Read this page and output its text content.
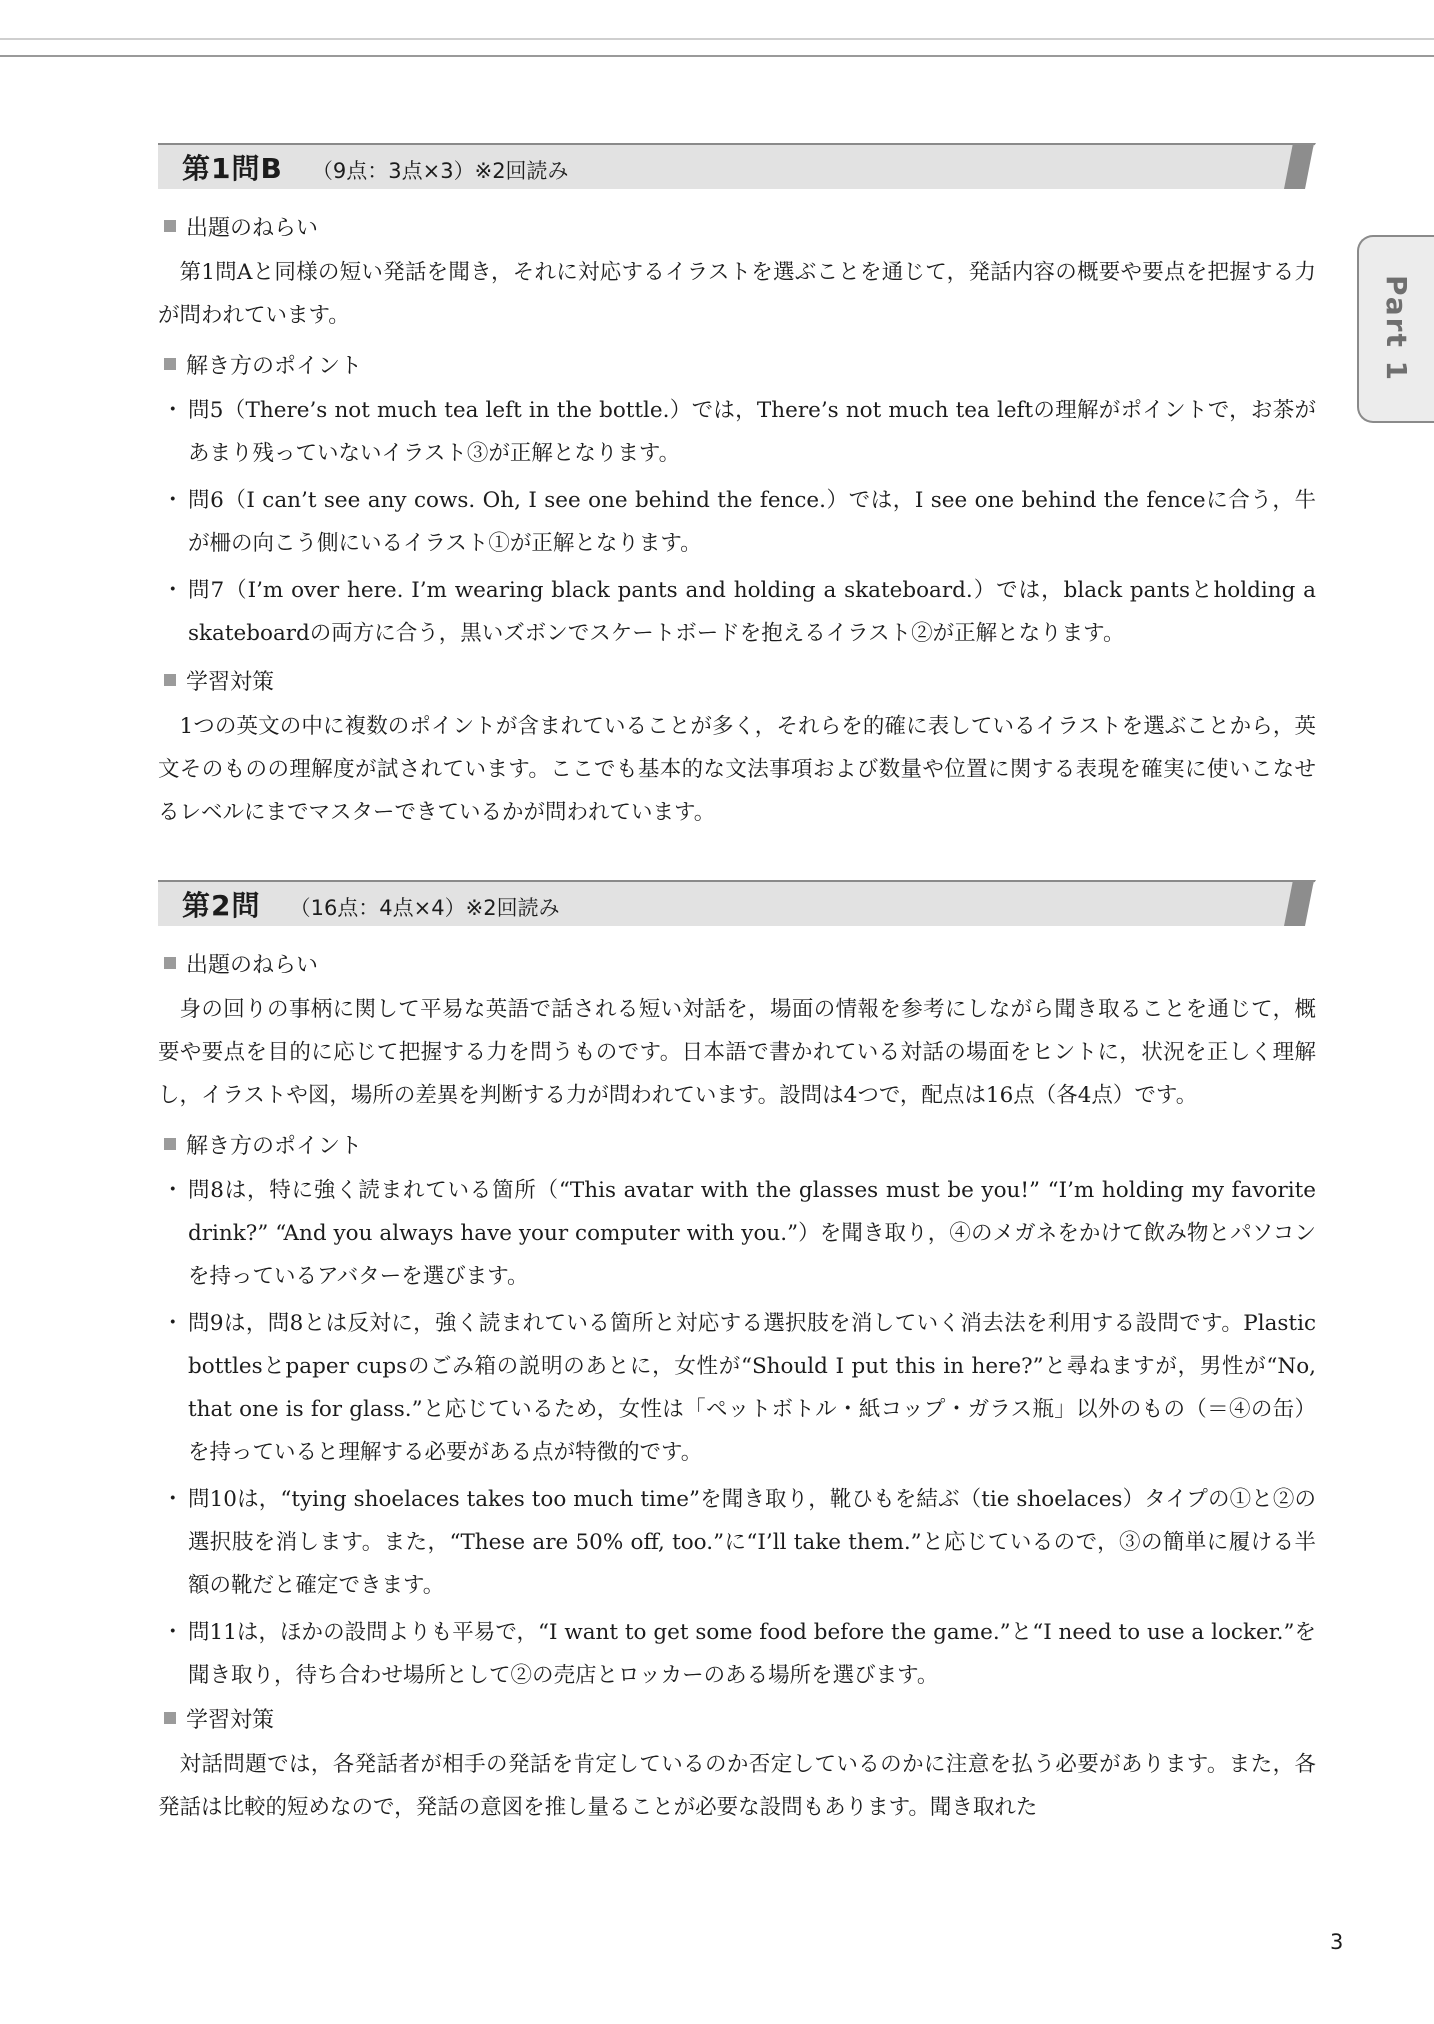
Part 1
第1問B （9点：3点×3）※2回読み
出題のねらい

第1問Aと同様の短い発話を聞き，それに対応するイラストを選ぶことを通じて，発話内容の概要や要点を把握する力が問われています。

解き方のポイント
・ 問5（There’s not much tea left in the bottle.）では，There’s not much tea leftの理解がポイントで，お茶があまり残っていないイラスト③が正解となります。
・ 問6（I can’t see any cows. Oh, I see one behind the fence.）では，I see one behind the fenceに合う，牛が柵の向こう側にいるイラスト①が正解となります。
・ 問7（I’m over here. I’m wearing black pants and holding a skateboard.）では，black pantsとholding a skateboardの両方に合う，黒いズボンでスケートボードを抱えるイラスト②が正解となります。
学習対策

1つの英文の中に複数のポイントが含まれていることが多く，それらを的確に表しているイラストを選ぶことから，英文そのものの理解度が試されています。ここでも基本的な文法事項および数量や位置に関する表現を確実に使いこなせるレベルにまでマスターできているかが問われています。

第2問 （16点：4点×4）※2回読み
出題のねらい

身の回りの事柄に関して平易な英語で話される短い対話を，場面の情報を参考にしながら聞き取ることを通じて，概要や要点を目的に応じて把握する力を問うものです。日本語で書かれている対話の場面をヒントに，状況を正しく理解し，イラストや図，場所の差異を判断する力が問われています。設問は4つで，配点は16点（各4点）です。

解き方のポイント
・ 問8は，特に強く読まれている箇所（“This avatar with the glasses must be you!” “I’m holding my favorite drink?” “And you always have your computer with you.”）を聞き取り，④のメガネをかけて飲み物とパソコンを持っているアバターを選びます。
・ 問9は，問8とは反対に，強く読まれている箇所と対応する選択肢を消していく消去法を利用する設問です。Plastic bottlesとpaper cupsのごみ箱の説明のあとに，女性が“Should I put this in here?”と尋ねますが，男性が“No, that one is for glass.”と応じているため，女性は「ペットボトル・紙コップ・ガラス瓶」以外のもの（＝④の缶）を持っていると理解する必要がある点が特徴的です。
・ 問10は，“tying shoelaces takes too much time”を聞き取り，靴ひもを結ぶ（tie shoelaces）タイプの①と②の選択肢を消します。また，“These are 50% off, too.”に“I’ll take them.”と応じているので，③の簡単に履ける半額の靴だと確定できます。
・ 問11は，ほかの設問よりも平易で，“I want to get some food before the game.”と“I need to use a locker.”を聞き取り，待ち合わせ場所として②の売店とロッカーのある場所を選びます。
学習対策

対話問題では，各発話者が相手の発話を肯定しているのか否定しているのかに注意を払う必要があります。また，各発話は比較的短めなので，発話の意図を推し量ることが必要な設問もあります。聞き取れた

3
